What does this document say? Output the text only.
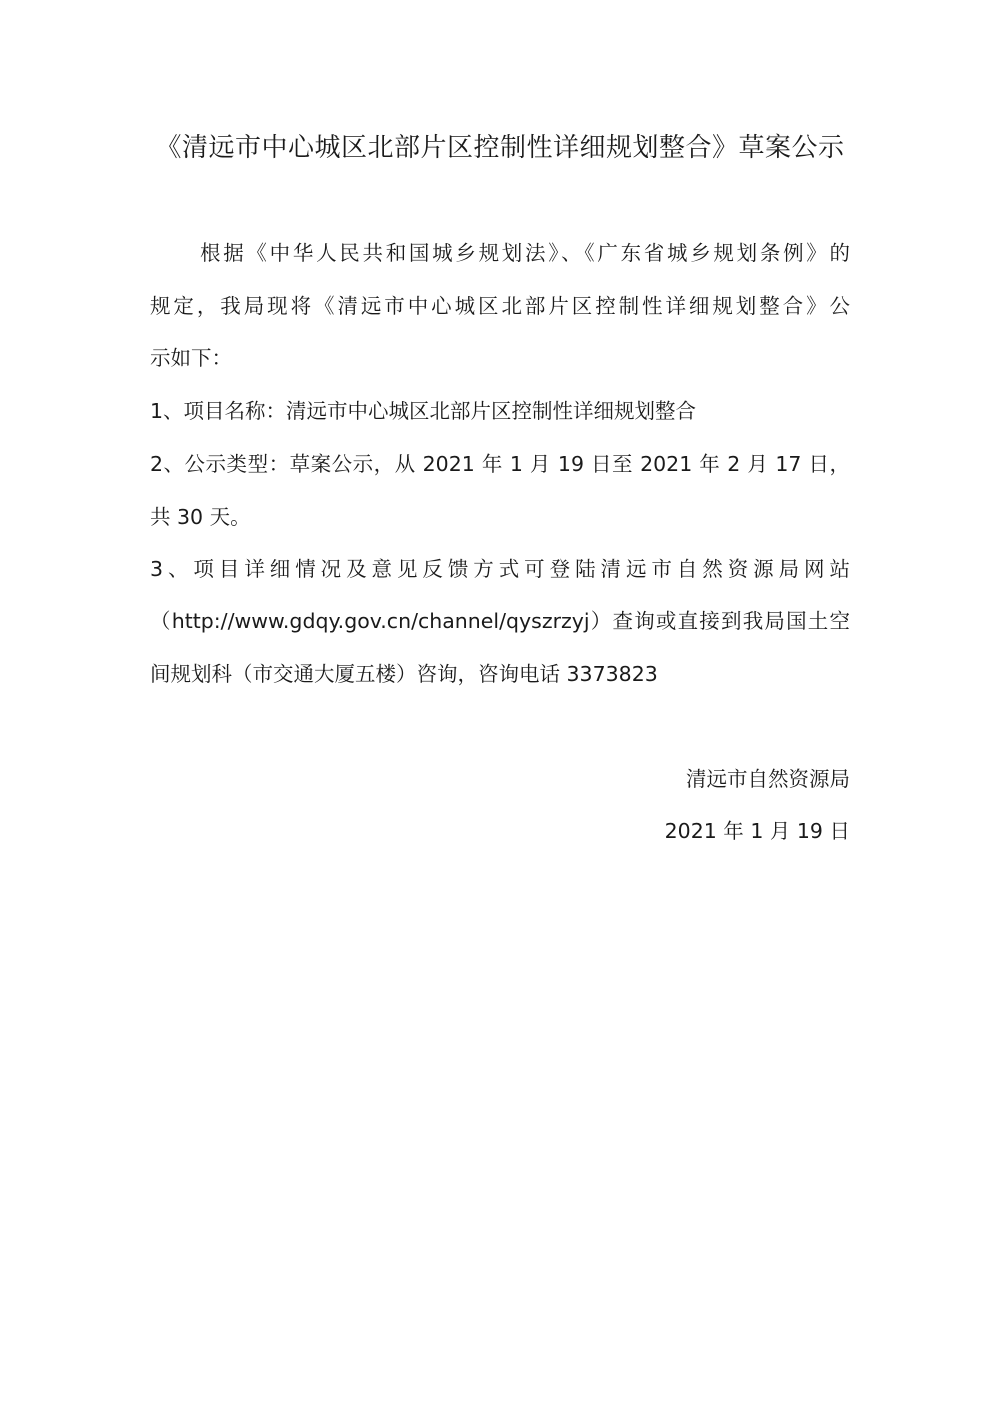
《清远市中心城区北部片区控制性详细规划整合》草案公示

根据《中华人民共和国城乡规划法》、《广东省城乡规划条例》的

规定，我局现将《清远市中心城区北部片区控制性详细规划整合》公

示如下：

1、项目名称：清远市中心城区北部片区控制性详细规划整合

2、公示类型：草案公示，从 2021 年 1 月 19 日至 2021 年 2 月 17 日，

共 30 天。

3、项目详细情况及意见反馈方式可登陆清远市自然资源局网站

（http://www.gdqy.gov.cn/channel/qyszrzyj）查询或直接到我局国土空

间规划科（市交通大厦五楼）咨询，咨询电话 3373823

清远市自然资源局

2021 年 1 月 19 日
